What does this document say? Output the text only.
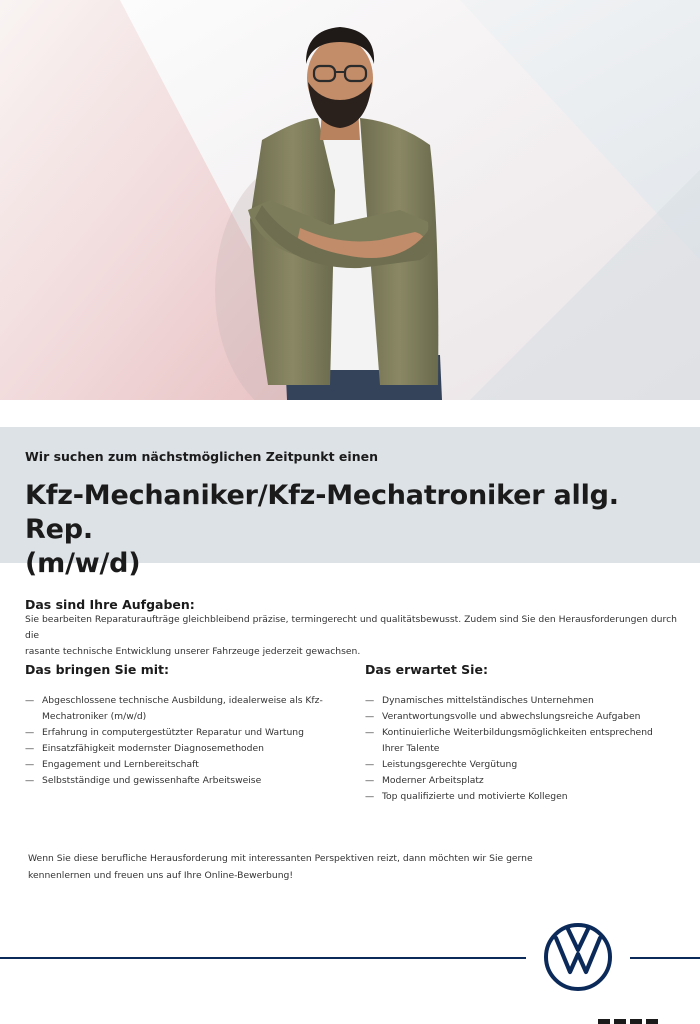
Wir suchen zum nächstmöglichen Zeitpunkt einen
Kfz-Mechaniker/Kfz-Mechatroniker allg. Rep.
(m/w/d)
Das sind Ihre Aufgaben:
Sie bearbeiten Reparaturaufträge gleichbleibend präzise, termingerecht und qualitätsbewusst. Zudem sind Sie den Herausforderungen durch die
rasante technische Entwicklung unserer Fahrzeuge jederzeit gewachsen.
Das bringen Sie mit:
— Abgeschlossene technische Ausbildung, idealerweise als Kfz-
Mechatroniker (m/w/d)
— Erfahrung in computergestützter Reparatur und Wartung
— Einsatzfähigkeit modernster Diagnosemethoden
— Engagement und Lernbereitschaft
— Selbstständige und gewissenhafte Arbeitsweise
Das erwartet Sie:
— Dynamisches mittelständisches Unternehmen
— Verantwortungsvolle und abwechslungsreiche Aufgaben
— Kontinuierliche Weiterbildungsmöglichkeiten entsprechend
Ihrer Talente
— Leistungsgerechte Vergütung
— Moderner Arbeitsplatz
— Top qualifizierte und motivierte Kollegen
Wenn Sie diese berufliche Herausforderung mit interessanten Perspektiven reizt, dann möchten wir Sie gerne
kennenlernen und freuen uns auf Ihre Online-Bewerbung!
